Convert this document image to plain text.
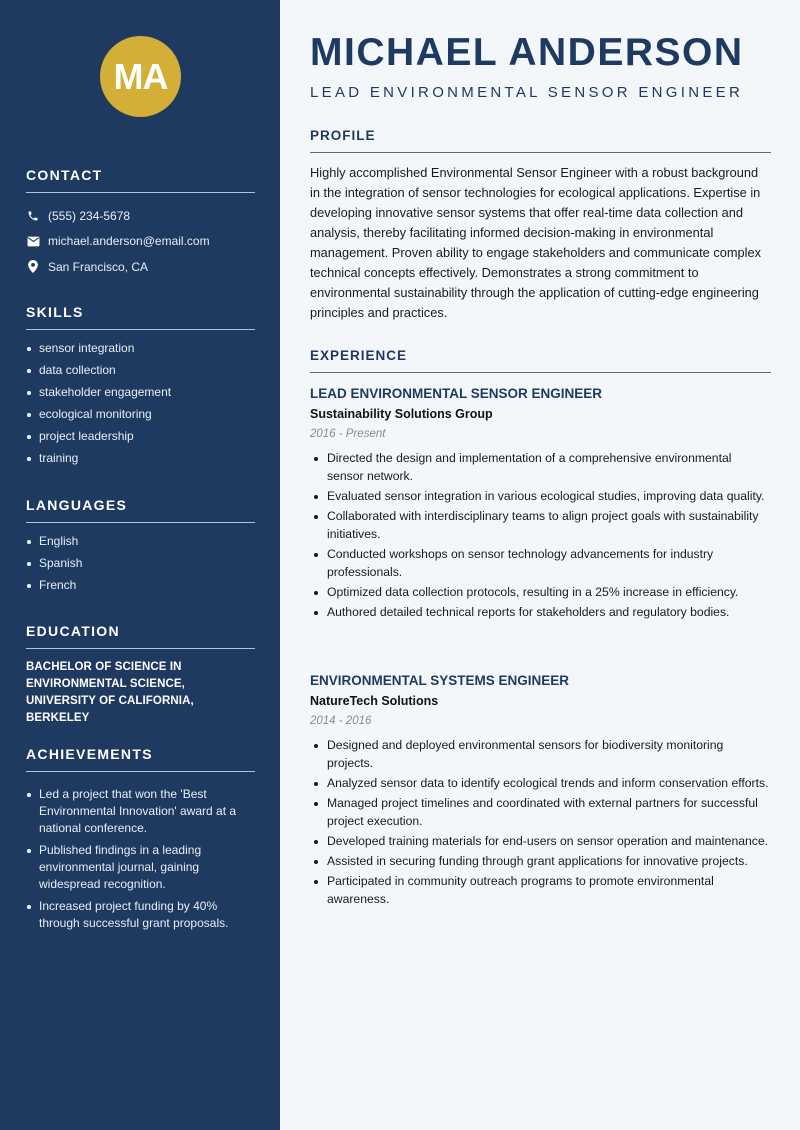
MA
CONTACT
(555) 234-5678
michael.anderson@email.com
San Francisco, CA
SKILLS
sensor integration
data collection
stakeholder engagement
ecological monitoring
project leadership
training
LANGUAGES
English
Spanish
French
EDUCATION
BACHELOR OF SCIENCE IN ENVIRONMENTAL SCIENCE, UNIVERSITY OF CALIFORNIA, BERKELEY
ACHIEVEMENTS
Led a project that won the 'Best Environmental Innovation' award at a national conference.
Published findings in a leading environmental journal, gaining widespread recognition.
Increased project funding by 40% through successful grant proposals.
MICHAEL ANDERSON
LEAD ENVIRONMENTAL SENSOR ENGINEER
PROFILE

Highly accomplished Environmental Sensor Engineer with a robust background in the integration of sensor technologies for ecological applications. Expertise in developing innovative sensor systems that offer real-time data collection and analysis, thereby facilitating informed decision-making in environmental management. Proven ability to engage stakeholders and communicate complex technical concepts effectively. Demonstrates a strong commitment to environmental sustainability through the application of cutting-edge engineering principles and practices.

EXPERIENCE
LEAD ENVIRONMENTAL SENSOR ENGINEER
Sustainability Solutions Group
2016 - Present
Directed the design and implementation of a comprehensive environmental sensor network.
Evaluated sensor integration in various ecological studies, improving data quality.
Collaborated with interdisciplinary teams to align project goals with sustainability initiatives.
Conducted workshops on sensor technology advancements for industry professionals.
Optimized data collection protocols, resulting in a 25% increase in efficiency.
Authored detailed technical reports for stakeholders and regulatory bodies.
ENVIRONMENTAL SYSTEMS ENGINEER
NatureTech Solutions
2014 - 2016
Designed and deployed environmental sensors for biodiversity monitoring projects.
Analyzed sensor data to identify ecological trends and inform conservation efforts.
Managed project timelines and coordinated with external partners for successful project execution.
Developed training materials for end-users on sensor operation and maintenance.
Assisted in securing funding through grant applications for innovative projects.
Participated in community outreach programs to promote environmental awareness.
